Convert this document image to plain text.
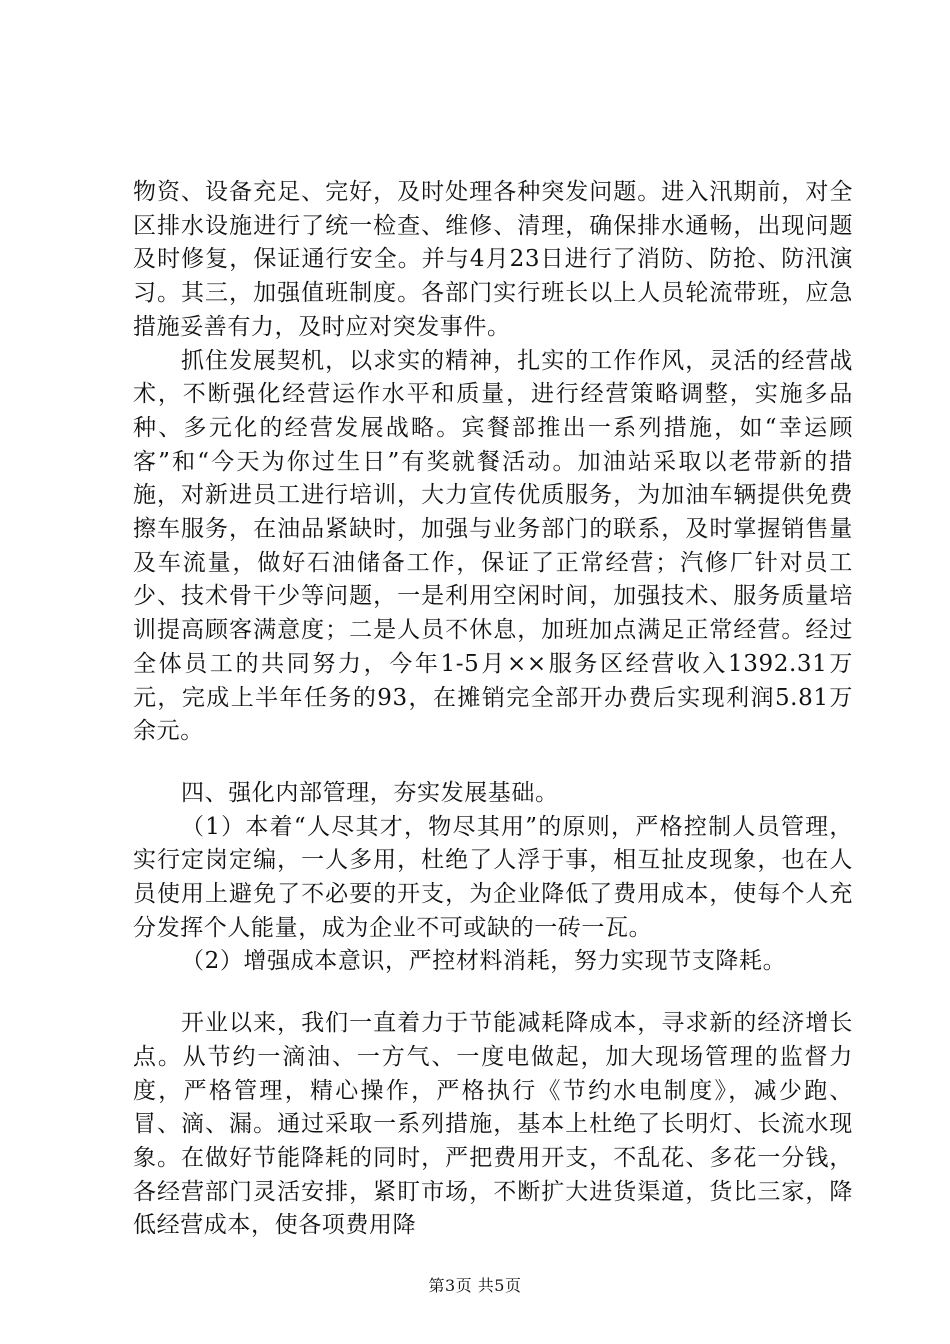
物资、设备充足、完好，及时处理各种突发问题。进入汛期前，对全区排水设施进行了统一检查、维修、清理，确保排水通畅，出现问题及时修复，保证通行安全。并与4月23日进行了消防、防抢、防汛演习。其三，加强值班制度。各部门实行班长以上人员轮流带班，应急措施妥善有力，及时应对突发事件。

抓住发展契机，以求实的精神，扎实的工作作风，灵活的经营战术，不断强化经营运作水平和质量，进行经营策略调整，实施多品种、多元化的经营发展战略。宾餐部推出一系列措施，如“幸运顾客”和“今天为你过生日”有奖就餐活动。加油站采取以老带新的措施，对新进员工进行培训，大力宣传优质服务，为加油车辆提供免费擦车服务，在油品紧缺时，加强与业务部门的联系，及时掌握销售量及车流量，做好石油储备工作，保证了正常经营；汽修厂针对员工少、技术骨干少等问题，一是利用空闲时间，加强技术、服务质量培训提高顾客满意度；二是人员不休息，加班加点满足正常经营。经过全体员工的共同努力，今年1-5月××服务区经营收入1392.31万元，完成上半年任务的93，在摊销完全部开办费后实现利润5.81万余元。

四、强化内部管理，夯实发展基础。

（1）本着“人尽其才，物尽其用”的原则，严格控制人员管理，实行定岗定编，一人多用，杜绝了人浮于事，相互扯皮现象，也在人员使用上避免了不必要的开支，为企业降低了费用成本，使每个人充分发挥个人能量，成为企业不可或缺的一砖一瓦。

（2）增强成本意识，严控材料消耗，努力实现节支降耗。

开业以来，我们一直着力于节能减耗降成本，寻求新的经济增长点。从节约一滴油、一方气、一度电做起，加大现场管理的监督力度，严格管理，精心操作，严格执行《节约水电制度》，减少跑、冒、滴、漏。通过采取一系列措施，基本上杜绝了长明灯、长流水现象。在做好节能降耗的同时，严把费用开支，不乱花、多花一分钱，各经营部门灵活安排，紧盯市场，不断扩大进货渠道，货比三家，降低经营成本，使各项费用降

第3页 共5页
